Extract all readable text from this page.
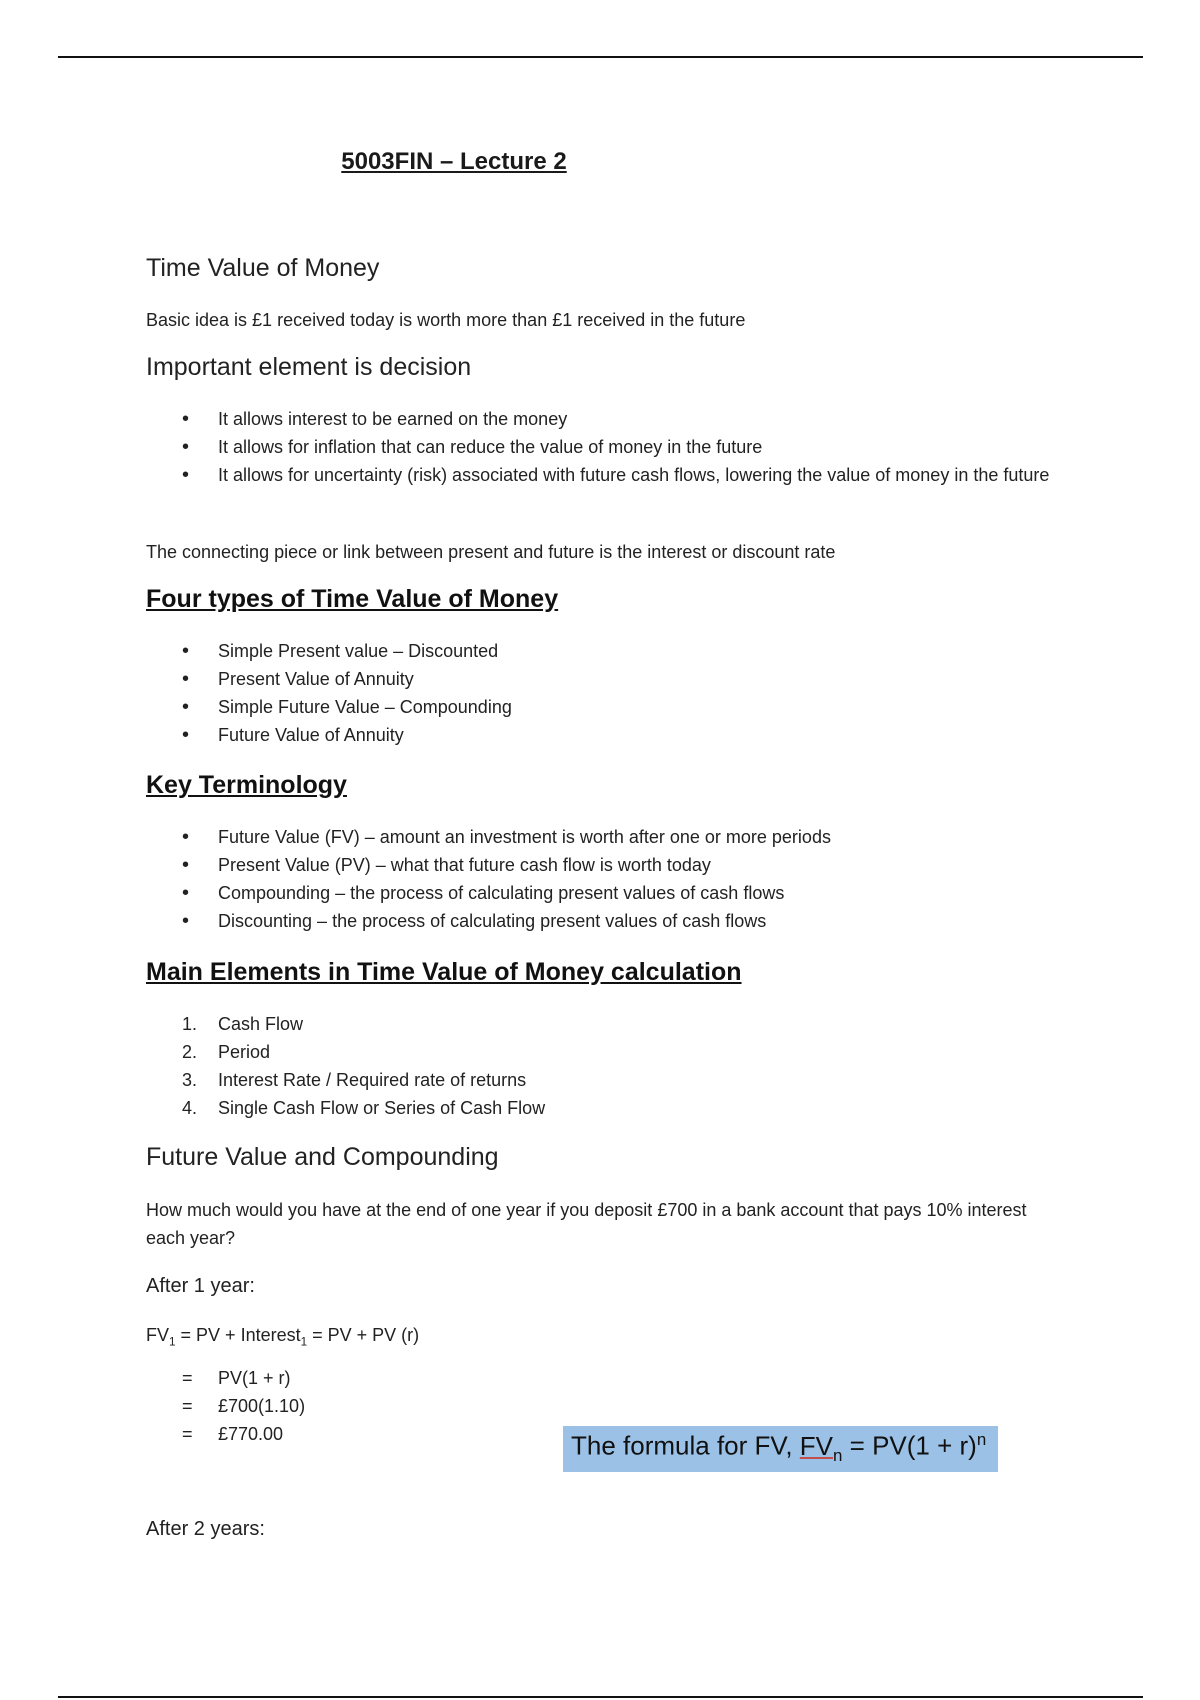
5003FIN – Lecture 2
Time Value of Money
Basic idea is £1 received today is worth more than £1 received in the future
Important element is decision
•
It allows interest to be earned on the money
•
It allows for inflation that can reduce the value of money in the future
•
It allows for uncertainty (risk) associated with future cash flows, lowering the value of money in the future
The connecting piece or link between present and future is the interest or discount rate
Four types of Time Value of Money
•
Simple Present value – Discounted
•
Present Value of Annuity
•
Simple Future Value – Compounding
•
Future Value of Annuity
Key Terminology
•
Future Value (FV) – amount an investment is worth after one or more periods
•
Present Value (PV) – what that future cash flow is worth today
•
Compounding – the process of calculating present values of cash flows
•
Discounting – the process of calculating present values of cash flows
Main Elements in Time Value of Money calculation
1.	Cash Flow
2.	Period
3.	Interest Rate / Required rate of returns
4.	Single Cash Flow or Series of Cash Flow
Future Value and Compounding
How much would you have at the end of one year if you deposit £700 in a bank account that pays 10% interest each year?
After 1 year:
$FV_1$ = PV + Interest$_1$ = PV + PV (r)
=	PV(1 + r)
=	£700(1.10)
=	£770.00
After 2 years:
The formula for FV, $FV_n = PV(1 + r)^n$
